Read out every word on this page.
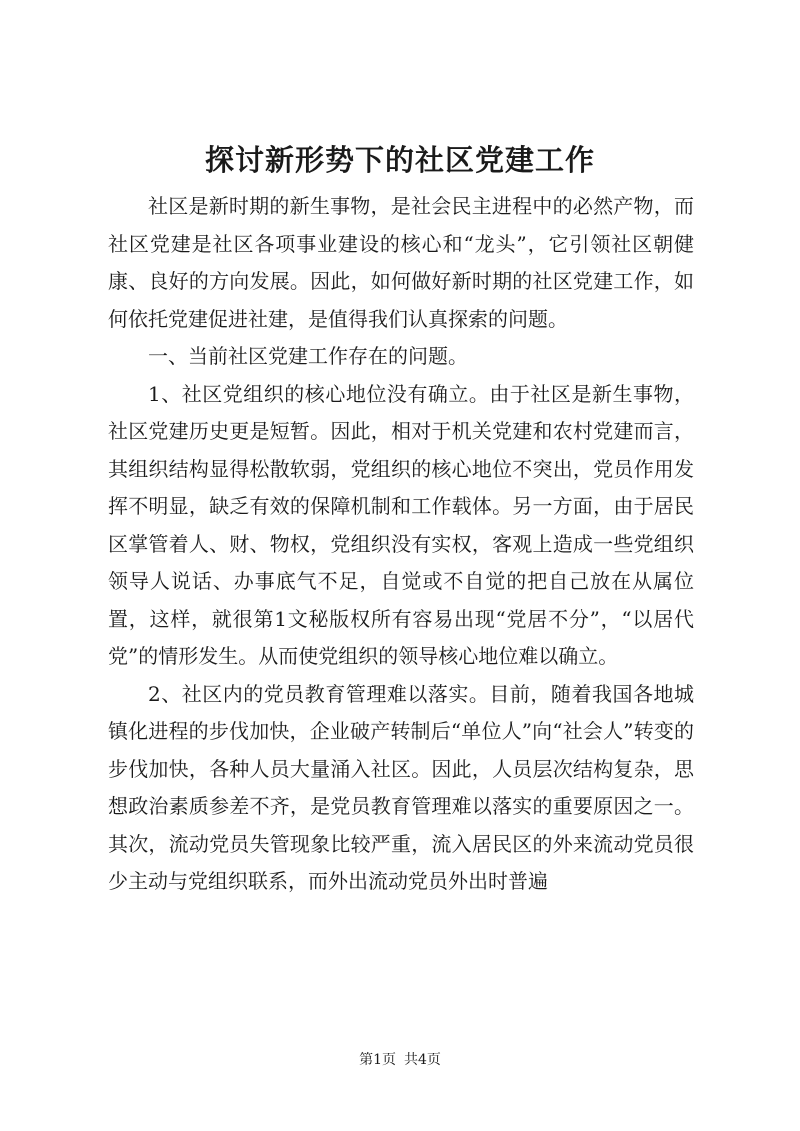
探讨新形势下的社区党建工作

社区是新时期的新生事物，是社会民主进程中的必然产物，而社区党建是社区各项事业建设的核心和“龙头”，它引领社区朝健康、良好的方向发展。因此，如何做好新时期的社区党建工作，如何依托党建促进社建，是值得我们认真探索的问题。

一、当前社区党建工作存在的问题。

1、社区党组织的核心地位没有确立。由于社区是新生事物，社区党建历史更是短暂。因此，相对于机关党建和农村党建而言，其组织结构显得松散软弱，党组织的核心地位不突出，党员作用发挥不明显，缺乏有效的保障机制和工作载体。另一方面，由于居民区掌管着人、财、物权，党组织没有实权，客观上造成一些党组织领导人说话、办事底气不足，自觉或不自觉的把自己放在从属位置，这样，就很第1文秘版权所有容易出现“党居不分”，“以居代党”的情形发生。从而使党组织的领导核心地位难以确立。

2、社区内的党员教育管理难以落实。目前，随着我国各地城镇化进程的步伐加快，企业破产转制后“单位人”向“社会人”转变的步伐加快，各种人员大量涌入社区。因此，人员层次结构复杂，思想政治素质参差不齐，是党员教育管理难以落实的重要原因之一。其次，流动党员失管现象比较严重，流入居民区的外来流动党员很少主动与党组织联系，而外出流动党员外出时普遍

第1页 共4页
